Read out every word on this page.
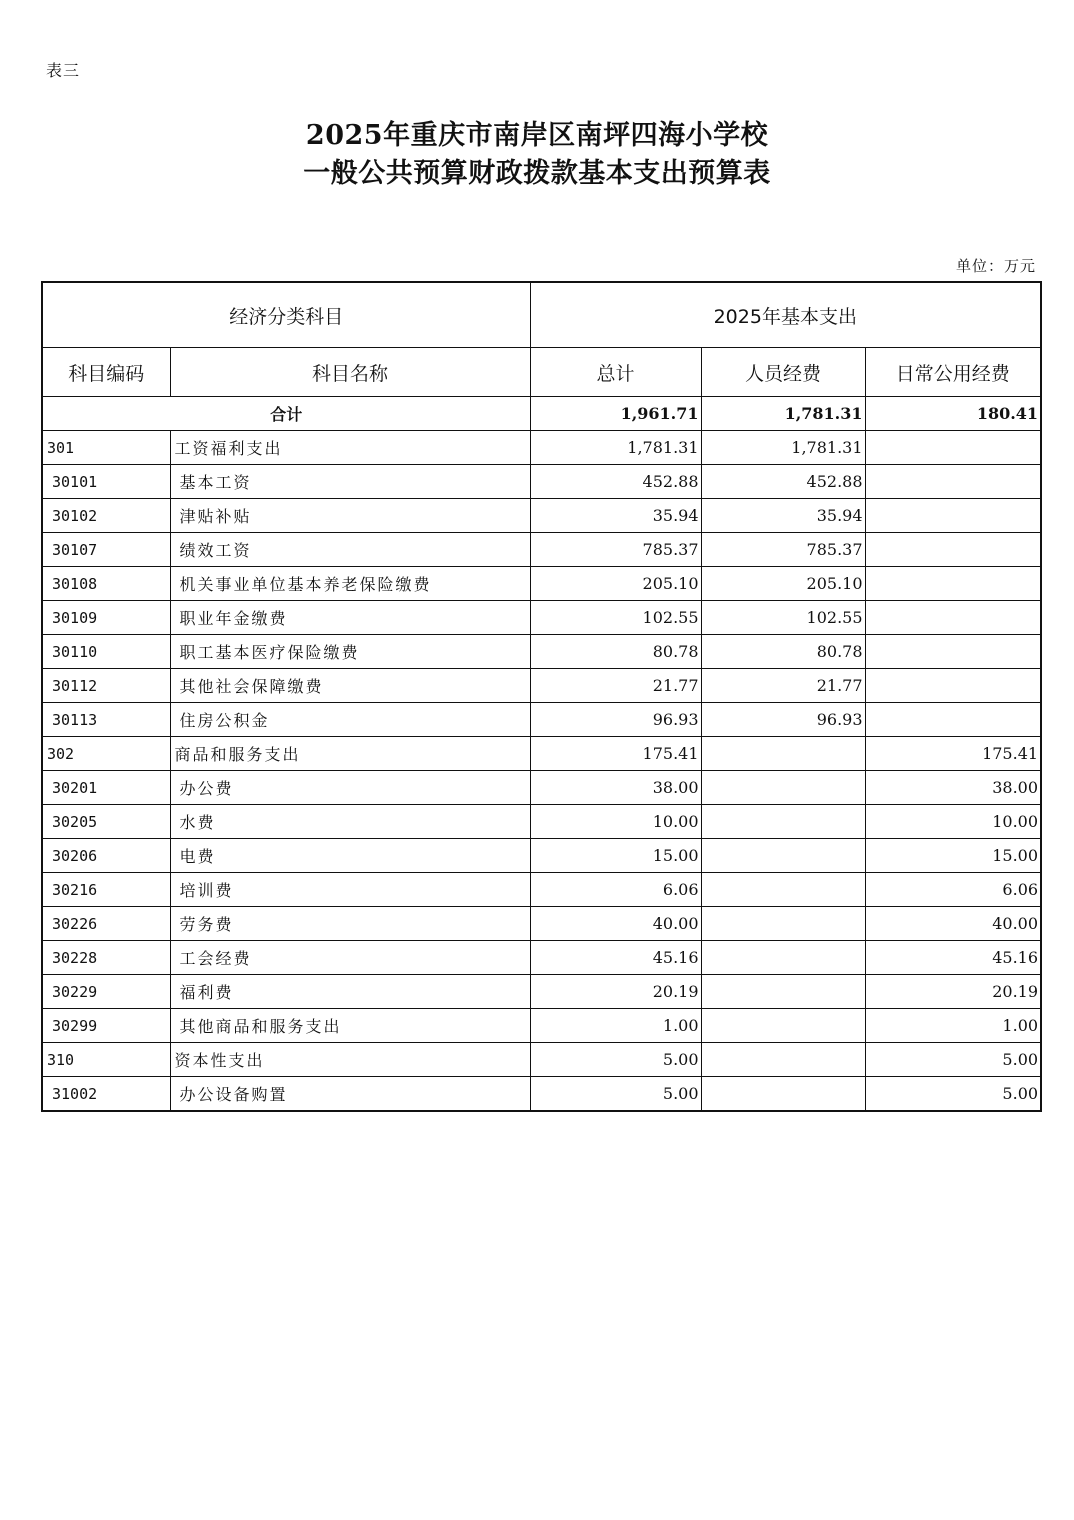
表三
2025年重庆市南岸区南坪四海小学校
一般公共预算财政拨款基本支出预算表
单位：万元
经济分类科目		2025年基本支出		
科目编码	科目名称	总计	人员经费	日常公用经费
合计		1,961.71	1,781.31	180.41
301	工资福利支出	1,781.31	1,781.31	
30101	基本工资	452.88	452.88	
30102	津贴补贴	35.94	35.94	
30107	绩效工资	785.37	785.37	
30108	机关事业单位基本养老保险缴费	205.10	205.10	
30109	职业年金缴费	102.55	102.55	
30110	职工基本医疗保险缴费	80.78	80.78	
30112	其他社会保障缴费	21.77	21.77	
30113	住房公积金	96.93	96.93	
302	商品和服务支出	175.41		175.41
30201	办公费	38.00		38.00
30205	水费	10.00		10.00
30206	电费	15.00		15.00
30216	培训费	6.06		6.06
30226	劳务费	40.00		40.00
30228	工会经费	45.16		45.16
30229	福利费	20.19		20.19
30299	其他商品和服务支出	1.00		1.00
310	资本性支出	5.00		5.00
31002	办公设备购置	5.00		5.00
